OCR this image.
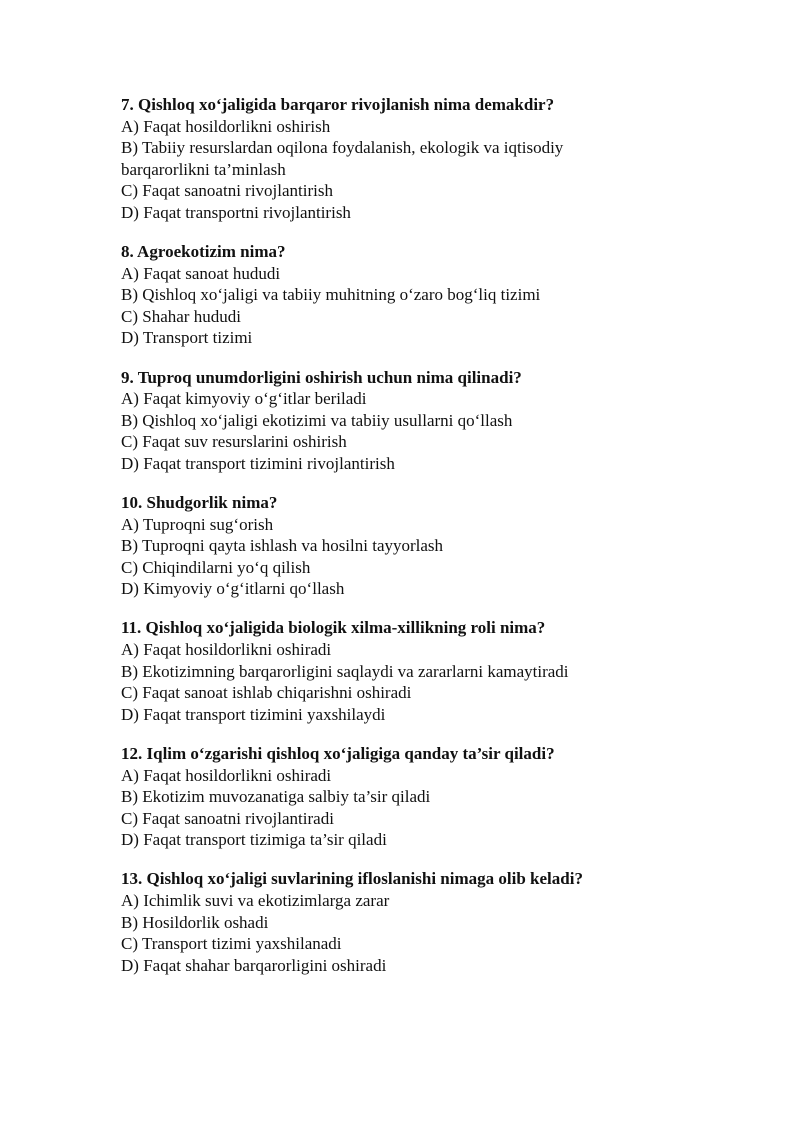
7. Qishloq xo‘jaligida barqaror rivojlanish nima demakdir?

A) Faqat hosildorlikni oshirish

B) Tabiiy resurslardan oqilona foydalanish, ekologik va iqtisodiy

barqarorlikni ta’minlash

C) Faqat sanoatni rivojlantirish

D) Faqat transportni rivojlantirish

8. Agroekotizim nima?

A) Faqat sanoat hududi

B) Qishloq xo‘jaligi va tabiiy muhitning o‘zaro bog‘liq tizimi

C) Shahar hududi

D) Transport tizimi

9. Tuproq unumdorligini oshirish uchun nima qilinadi?

A) Faqat kimyoviy o‘g‘itlar beriladi

B) Qishloq xo‘jaligi ekotizimi va tabiiy usullarni qo‘llash

C) Faqat suv resurslarini oshirish

D) Faqat transport tizimini rivojlantirish

10. Shudgorlik nima?

A) Tuproqni sug‘orish

B) Tuproqni qayta ishlash va hosilni tayyorlash

C) Chiqindilarni yo‘q qilish

D) Kimyoviy o‘g‘itlarni qo‘llash

11. Qishloq xo‘jaligida biologik xilma-xillikning roli nima?

A) Faqat hosildorlikni oshiradi

B) Ekotizimning barqarorligini saqlaydi va zararlarni kamaytiradi

C) Faqat sanoat ishlab chiqarishni oshiradi

D) Faqat transport tizimini yaxshilaydi

12. Iqlim o‘zgarishi qishloq xo‘jaligiga qanday ta’sir qiladi?

A) Faqat hosildorlikni oshiradi

B) Ekotizim muvozanatiga salbiy ta’sir qiladi

C) Faqat sanoatni rivojlantiradi

D) Faqat transport tizimiga ta’sir qiladi

13. Qishloq xo‘jaligi suvlarining ifloslanishi nimaga olib keladi?

A) Ichimlik suvi va ekotizimlarga zarar

B) Hosildorlik oshadi

C) Transport tizimi yaxshilanadi

D) Faqat shahar barqarorligini oshiradi
